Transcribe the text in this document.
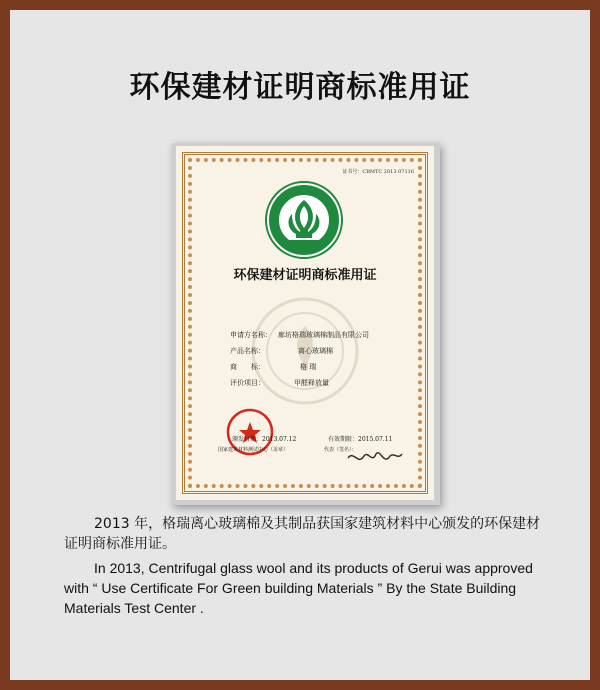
环保建材证明商标准用证
证书号：CBMTC 2013 07116
环保建材证明商标准用证
申请方名称： 廊坊格瑞玻璃棉制品有限公司
产品名称：	离心玻璃棉
商　　标：	格 瑞
评价项目：	甲醛释放量
颁发日期：2013.07.12	有效期限：2015.07.11
国家建筑材料测试中心（盖章）	代表（签名）：
2013 年，格瑞离心玻璃棉及其制品获国家建筑材料中心颁发的环保建材证明商标准用证。
In 2013, Centrifugal glass wool and its products of Gerui was approved with “ Use Certificate For Green building Materials ” By the State Building Materials Test Center .
